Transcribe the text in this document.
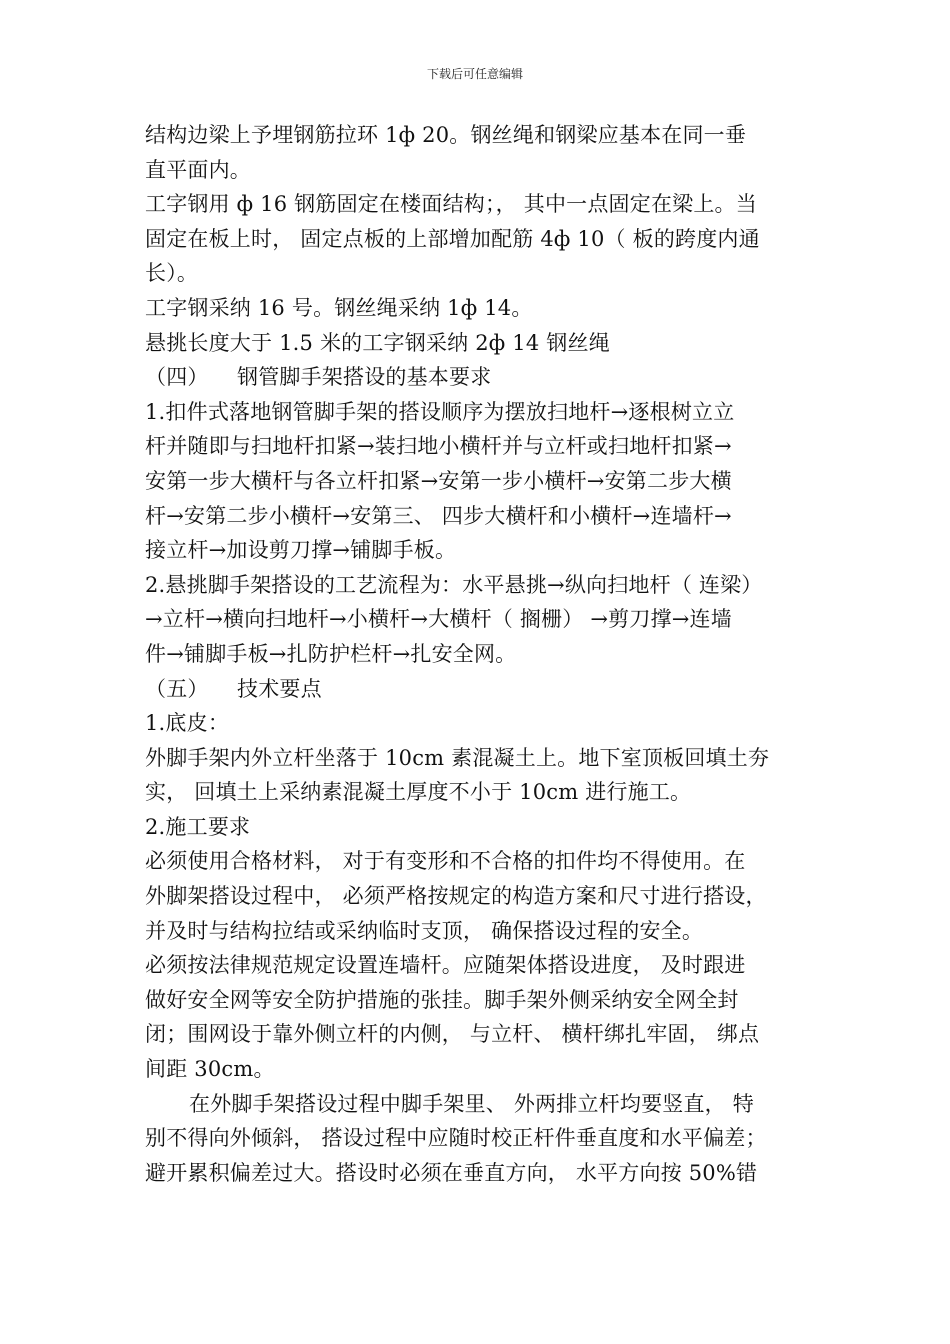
下载后可任意编辑
结构边梁上予埋钢筋拉环 1ф 20。钢丝绳和钢梁应基本在同一垂
直平面内。
工字钢用 ф 16 钢筋固定在楼面结构；， 其中一点固定在梁上。当
固定在板上时， 固定点板的上部增加配筋 4ф 10（ 板的跨度内通
长）。
工字钢采纳 16 号。钢丝绳采纳 1ф 14。
悬挑长度大于 1.5 米的工字钢采纳 2ф 14 钢丝绳
（四） 钢管脚手架搭设的基本要求
1.扣件式落地钢管脚手架的搭设顺序为摆放扫地杆→逐根树立立
杆并随即与扫地杆扣紧→装扫地小横杆并与立杆或扫地杆扣紧→
安第一步大横杆与各立杆扣紧→安第一步小横杆→安第二步大横
杆→安第二步小横杆→安第三、 四步大横杆和小横杆→连墙杆→
接立杆→加设剪刀撑→铺脚手板。
2.悬挑脚手架搭设的工艺流程为：水平悬挑→纵向扫地杆（ 连梁）
→立杆→横向扫地杆→小横杆→大横杆（ 搁栅） →剪刀撑→连墙
件→铺脚手板→扎防护栏杆→扎安全网。
（五） 技术要点
1.底皮：
外脚手架内外立杆坐落于 10cm 素混凝土上。地下室顶板回填土夯
实， 回填土上采纳素混凝土厚度不小于 10cm 进行施工。
2.施工要求
必须使用合格材料， 对于有变形和不合格的扣件均不得使用。在
外脚架搭设过程中， 必须严格按规定的构造方案和尺寸进行搭设，
并及时与结构拉结或采纳临时支顶， 确保搭设过程的安全。
必须按法律规范规定设置连墙杆。应随架体搭设进度， 及时跟进
做好安全网等安全防护措施的张挂。脚手架外侧采纳安全网全封
闭；围网设于靠外侧立杆的内侧， 与立杆、 横杆绑扎牢固， 绑点
间距 30cm。
在外脚手架搭设过程中脚手架里、 外两排立杆均要竖直， 特
别不得向外倾斜， 搭设过程中应随时校正杆件垂直度和水平偏差；
避开累积偏差过大。搭设时必须在垂直方向， 水平方向按 50%错
